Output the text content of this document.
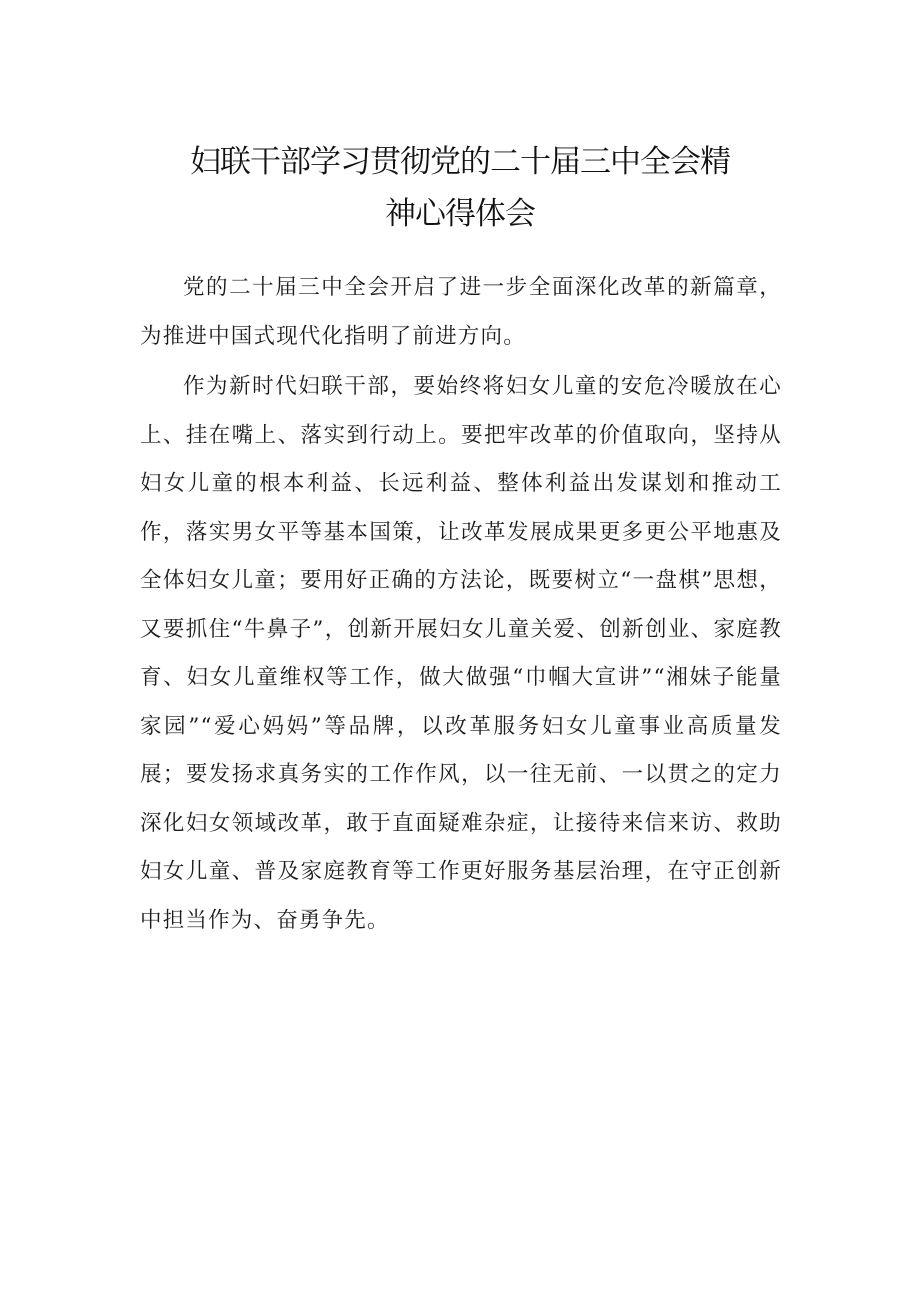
妇联干部学习贯彻党的二十届三中全会精
神心得体会

党的二十届三中全会开启了进一步全面深化改革的新篇章，为推进中国式现代化指明了前进方向。

作为新时代妇联干部，要始终将妇女儿童的安危冷暖放在心上、挂在嘴上、落实到行动上。要把牢改革的价值取向，坚持从妇女儿童的根本利益、长远利益、整体利益出发谋划和推动工作，落实男女平等基本国策，让改革发展成果更多更公平地惠及全体妇女儿童；要用好正确的方法论，既要树立“一盘棋”思想，又要抓住“牛鼻子”，创新开展妇女儿童关爱、创新创业、家庭教育、妇女儿童维权等工作，做大做强“巾帼大宣讲”“湘妹子能量家园”“爱心妈妈”等品牌，以改革服务妇女儿童事业高质量发展；要发扬求真务实的工作作风，以一往无前、一以贯之的定力深化妇女领域改革，敢于直面疑难杂症，让接待来信来访、救助妇女儿童、普及家庭教育等工作更好服务基层治理，在守正创新中担当作为、奋勇争先。
